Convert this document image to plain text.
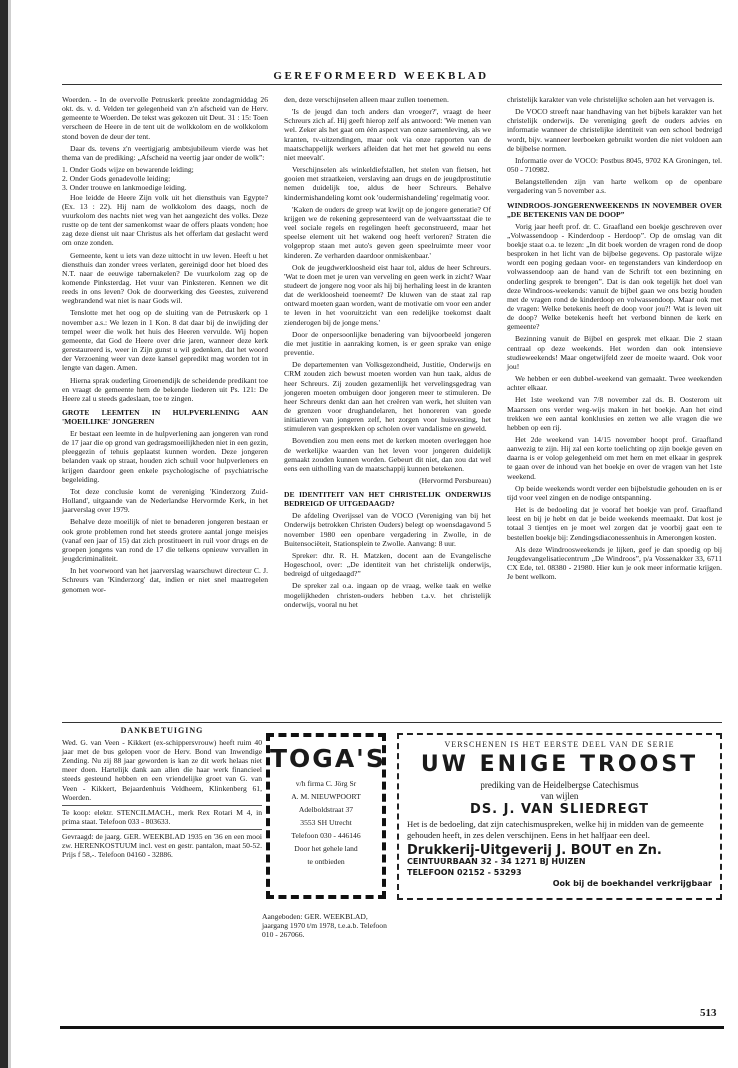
GEREFORMEERD WEEKBLAD

Woerden. - In de overvolle Petruskerk preekte zondagmiddag 26 okt. ds. v. d. Velden ter gelegenheid van z'n afscheid van de Herv. gemeente te Woerden. De tekst was gekozen uit Deut. 31 : 15: Toen verscheen de Heere in de tent uit de wolkkolom en de wolkkolom stond boven de deur der tent.

Daar ds. tevens z'n veertigjarig ambtsjubileum vierde was het thema van de prediking: „Afscheid na veertig jaar onder de wolk”:

1. Onder Gods wijze en bewarende leiding;
2. Onder Gods genadevolle leiding;
3. Onder trouwe en lankmoedige leiding.

Hoe leidde de Heere Zijn volk uit het diensthuis van Egypte? (Ex. 13 : 22). Hij nam de wolkkolom des daags, noch de vuurkolom des nachts niet weg van het aangezicht des volks. Deze rustte op de tent der samenkomst waar de offers plaats vonden; hoe zag deze dienst uit naar Christus als het offerlam dat geslacht werd om onze zonden.

Gemeente, kent u iets van deze uittocht in uw leven. Heeft u het diensthuis dan zonder vrees verlaten, gereinigd door het bloed des N.T. naar de eeuwige tabernakelen? De vuurkolom zag op de komende Pinksterdag. Het vuur van Pinksteren. Kennen we dit reeds in ons leven? Ook de doorwerking des Geestes, zuiverend wegbrandend wat niet is naar Gods wil.

Tenslotte met het oog op de sluiting van de Petruskerk op 1 november a.s.: We lezen in 1 Kon. 8 dat daar bij de inwijding der tempel weer die wolk het huis des Heeren vervulde. Wij hopen gemeente, dat God de Heere over drie jaren, wanneer deze kerk gerestaureerd is, weer in Zijn gunst u wil gedenken, dat het woord der Verzoening weer van deze kansel gepredikt mag worden tot in lengte van dagen. Amen.

Hierna sprak ouderling Groenendijk de scheidende predikant toe en vraagt de gemeente hem de bekende liederen uit Ps. 121: De Heere zal u steeds gadeslaan, toe te zingen.

GROTE LEEMTEN IN HULPVERLENING AAN 'MOEILIJKE' JONGEREN

Er bestaat een leemte in de hulpverlening aan jongeren van rond de 17 jaar die op grond van gedragsmoeilijkheden niet in een gezin, pleeggezin of tehuis geplaatst kunnen worden. Deze jongeren belanden vaak op straat, houden zich schuil voor hulpverleners en krijgen daardoor geen enkele psychologische of psychiatrische begeleiding.

Tot deze conclusie komt de vereniging 'Kinderzorg Zuid-Holland', uitgaande van de Nederlandse Hervormde Kerk, in het jaarverslag over 1979.

Behalve deze moeilijk of niet te benaderen jongeren bestaan er ook grote problemen rond het steeds grotere aantal jonge meisjes (vanaf een jaar of 15) dat zich prostitueert in ruil voor drugs en de groepen jongens van rond de 17 die telkens opnieuw vervallen in jeugdcriminaliteit.

In het voorwoord van het jaarverslag waarschuwt directeur C. J. Schreurs van 'Kinderzorg' dat, indien er niet snel maatregelen genomen wor-

den, deze verschijnselen alleen maar zullen toenemen.

'Is de jeugd dan toch anders dan vroeger?', vraagt de heer Schreurs zich af. Hij geeft hierop zelf als antwoord: 'We menen van wel. Zeker als het gaat om één aspect van onze samenleving, als we kranten, tv-uitzendingen, maar ook via onze rapporten van de maatschappelijk werkers afleiden dat het met het geweld nu eens niet meevalt'.

Verschijnselen als winkeldiefstallen, het stelen van fietsen, het gooien met straatkeien, verslaving aan drugs en de jeugdprostitutie nemen duidelijk toe, aldus de heer Schreurs. Behalve kindermishandeling komt ook 'oudermishandeling' regelmatig voor.

'Kaken de ouders de greep wat kwijt op de jongere generatie? Of krijgen we de rekening gepresenteerd van de welvaartsstaat die te veel sociale regels en regelingen heeft geconstrueerd, maar het speelse element uit het wakend oog heeft verloren? Straten die volgeprop staan met auto's geven geen speelruimte meer voor kinderen. Ze verharden daardoor onmiskenbaar.'

Ook de jeugdwerkloosheid eist haar tol, aldus de heer Schreurs. 'Wat te doen met je uren van verveling en geen werk in zicht? Waar studeert de jongere nog voor als hij bij herhaling leest in de kranten dat de werkloosheid toeneemt? De kluwen van de staat zal rap ontward moeten gaan worden, want de motivatie om voor een ander te leven in het vooruitzicht van een redelijke toekomst daalt zienderogen bij de jonge mens.'

Door de onpersoonlijke benadering van bijvoorbeeld jongeren die met justitie in aanraking komen, is er geen sprake van enige preventie.

De departementen van Volksgezondheid, Justitie, Onderwijs en CRM zouden zich bewust moeten worden van hun taak, aldus de heer Schreurs. Zij zouden gezamenlijk het vervelingsgedrag van jongeren moeten ombuigen door jongeren meer te stimuleren. De heer Schreurs denkt dan aan het creëren van werk, het sluiten van de grenzen voor drughandelaren, het honoreren van goede initiatieven van jongeren zelf, het zorgen voor huisvesting, het stimuleren van gesprekken op scholen over vandalisme en geweld.

Bovendien zou men eens met de kerken moeten overleggen hoe de werkelijke waarden van het leven voor jongeren duidelijk gemaakt zouden kunnen worden. Gebeurt dit niet, dan zou dat wel eens een uitholling van de maatschappij kunnen betekenen.

(Hervormd Persbureau)
DE IDENTITEIT VAN HET CHRISTELIJK ONDERWIJS BEDREIGD OF UITGEDAAGD?

De afdeling Overijssel van de VOCO (Vereniging van bij het Onderwijs betrokken Christen Ouders) belegt op woensdagavond 5 november 1980 een openbare vergadering in Zwolle, in de Buitensociëteit, Stationsplein te Zwolle. Aanvang: 8 uur.

Spreker: dhr. R. H. Matzken, docent aan de Evangelische Hogeschool, over: „De identiteit van het christelijk onderwijs, bedreigd of uitgedaagd?”

De spreker zal o.a. ingaan op de vraag, welke taak en welke mogelijkheden christen-ouders hebben t.a.v. het christelijk onderwijs, vooral nu het

christelijk karakter van vele christelijke scholen aan het vervagen is.

De VOCO streeft naar handhaving van het bijbels karakter van het christelijk onderwijs. De vereniging geeft de ouders advies en informatie wanneer de christelijke identiteit van een school bedreigd wordt, bijv. wanneer leerboeken gebruikt worden die niet voldoen aan de bijbelse normen.

Informatie over de VOCO: Postbus 8045, 9702 KA Groningen, tel. 050 - 710982.

Belangstellenden zijn van harte welkom op de openbare vergadering van 5 november a.s.

WINDROOS-JONGERENWEEKENDS IN NOVEMBER OVER „DE BETEKENIS VAN DE DOOP”

Vorig jaar heeft prof. dr. C. Graafland een boekje geschreven over „Volwassendoop - Kinderdoop - Herdoop”. Op de omslag van dit boekje staat o.a. te lezen: „In dit boek worden de vragen rond de doop besproken in het licht van de bijbelse gegevens. Op pastorale wijze wordt een poging gedaan voor- en tegenstanders van kinderdoop en volwassendoop aan de hand van de Schrift tot een bezinning en onderling gesprek te brengen”. Dat is dan ook tegelijk het doel van deze Windroos-weekends: vanuit de bijbel gaan we ons bezig houden met de vragen rond de kinderdoop en volwassendoop. Maar ook met de vragen: Welke betekenis heeft de doop voor jou?! Wat is leven uit de doop? Welke betekenis heeft het verbond binnen de kerk en gemeente?

Bezinning vanuit de Bijbel en gesprek met elkaar. Die 2 staan centraal op deze weekends. Het worden dan ook intensieve studieweekends! Maar ongetwijfeld zeer de moeite waard. Ook voor jou!

We hebben er een dubbel-weekend van gemaakt. Twee weekenden achter elkaar.

Het 1ste weekend van 7/8 november zal ds. B. Oosterom uit Maarssen ons verder weg-wijs maken in het boekje. Aan het eind trekken we een aantal konklusies en zetten we alle vragen die we hebben op een rij.

Het 2de weekend van 14/15 november hoopt prof. Graafland aanwezig te zijn. Hij zal een korte toelichting op zijn boekje geven en daarna is er volop gelegenheid om met hem en met elkaar in gesprek te gaan over de inhoud van het boekje en over de vragen van het 1ste weekend.

Op beide weekends wordt verder een bijbelstudie gehouden en is er tijd voor veel zingen en de nodige ontspanning.

Het is de bedoeling dat je vooraf het boekje van prof. Graafland leest en bij je hebt en dat je beide weekends meemaakt. Dat kost je totaal 3 tientjes en je moet wel zorgen dat je voorbij gaat een te bestellen boekje bij: Zendingsdiaconessenhuis in Amerongen kosten.

Als deze Windroosweekends je lijken, geef je dan spoedig op bij Jeugdevangelisatiecentrum „De Windroos”, p/a Vossenakker 33, 6711 CX Ede, tel. 08380 - 21980. Hier kun je ook meer informatie krijgen. Je bent welkom.

DANKBETUIGING

Wed. G. van Veen - Kikkert (ex-schippersvrouw) heeft ruim 40 jaar met de bus gelopen voor de Herv. Bond van Inwendige Zending. Nu zij 88 jaar geworden is kan ze dit werk helaas niet meer doen. Hartelijk dank aan allen die haar werk financieel steeds gesteund hebben en een vriendelijke groet van G. van Veen - Kikkert, Bejaardenhuis Veldheem, Klinkenberg 61, Woerden.

Te koop: elektr. STENCILMACH., merk Rex Rotari M 4, in prima staat. Telefoon 033 - 803633.

Gevraagd: de jaarg. GER. WEEKBLAD 1935 en '36 en een mooi zw. HERENKOSTUUM incl. vest en gestr. pantalon, maat 50-52. Prijs f 58,-. Telefoon 04160 - 32886.

TOGA'S
v/h firma C. Jörg Sr
A. M. NIEUWPOORT
Adelboldstraat 37
3553 SH Utrecht
Telefoon 030 - 446146
Door het gehele land
te ontbieden
Aangeboden: GER. WEEKBLAD, jaargang 1970 t/m 1978, t.e.a.b. Telefoon 010 - 267066.
VERSCHENEN IS HET EERSTE DEEL VAN DE SERIE
UW ENIGE TROOST
prediking van de Heidelbergse Catechismus
van wijlen
DS. J. VAN SLIEDREGT
Het is de bedoeling, dat zijn catechismuspreken, welke hij in midden van de gemeente gehouden heeft, in zes delen verschijnen. Eens in het halfjaar een deel.
Drukkerij-Uitgeverij J. BOUT en Zn.
CEINTUURBAAN 32 - 34 1271 BJ HUIZEN
TELEFOON 02152 - 53293
Ook bij de boekhandel verkrijgbaar
513
